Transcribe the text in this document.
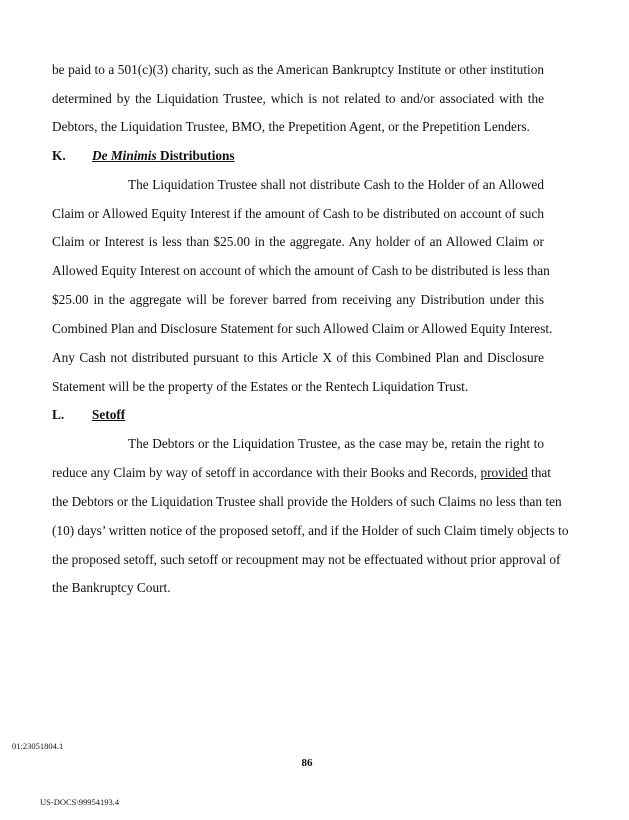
be paid to a 501(c)(3) charity, such as the American Bankruptcy Institute or other institution
determined by the Liquidation Trustee, which is not related to and/or associated with the
Debtors, the Liquidation Trustee, BMO, the Prepetition Agent, or the Prepetition Lenders.
K. De Minimis Distributions
The Liquidation Trustee shall not distribute Cash to the Holder of an Allowed
Claim or Allowed Equity Interest if the amount of Cash to be distributed on account of such
Claim or Interest is less than $25.00 in the aggregate. Any holder of an Allowed Claim or
Allowed Equity Interest on account of which the amount of Cash to be distributed is less than
$25.00 in the aggregate will be forever barred from receiving any Distribution under this
Combined Plan and Disclosure Statement for such Allowed Claim or Allowed Equity Interest.
Any Cash not distributed pursuant to this Article X of this Combined Plan and Disclosure
Statement will be the property of the Estates or the Rentech Liquidation Trust.
L. Setoff
The Debtors or the Liquidation Trustee, as the case may be, retain the right to
reduce any Claim by way of setoff in accordance with their Books and Records, provided that
the Debtors or the Liquidation Trustee shall provide the Holders of such Claims no less than ten
(10) days’ written notice of the proposed setoff, and if the Holder of such Claim timely objects to
the proposed setoff, such setoff or recoupment may not be effectuated without prior approval of
the Bankruptcy Court.
01:23051804.1
86
US-DOCS\99954193.4
